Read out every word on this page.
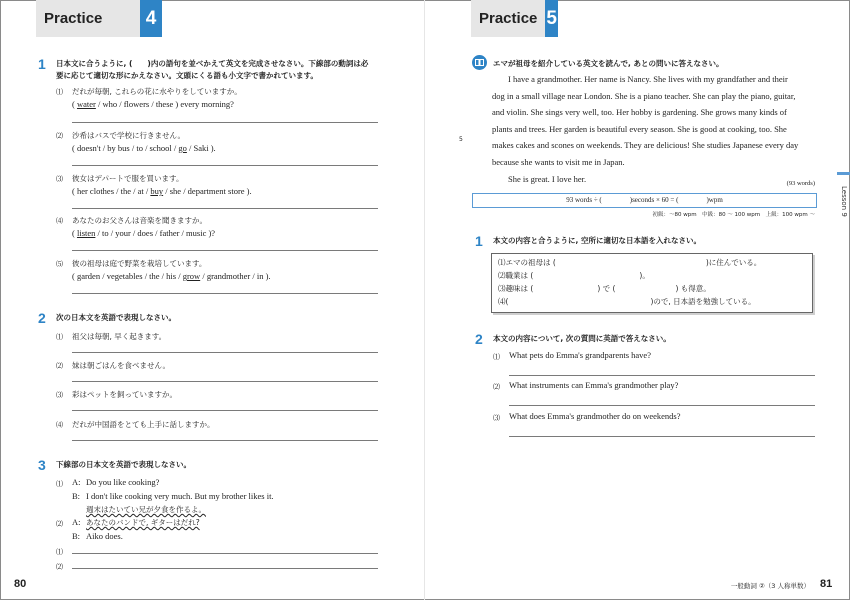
Practice	4
1 日本文に合うように, (　　)内の語句を並べかえて英文を完成させなさい。下線部の動詞は必
要に応じて適切な形にかえなさい。文頭にくる語も小文字で書かれています。
⑴ だれが毎朝, これらの花に水やりをしていますか。
( water / who / flowers / these ) every morning?
⑵ 沙希はバスで学校に行きません。
( doesn't / by bus / to / school / go / Saki ).
⑶ 彼女はデパートで服を買います。
( her clothes / the / at / buy / she / department store ).
⑷ あなたのお父さんは音楽を聞きますか。
( listen / to / your / does / father / music )?
⑸ 彼の祖母は庭で野菜を栽培しています。
( garden / vegetables / the / his / grow / grandmother / in ).
2 次の日本文を英語で表現しなさい。
⑴ 祖父は毎朝, 早く起きます。
⑵ 妹は朝ごはんを食べません。
⑶ 彩はペットを飼っていますか。
⑷ だれが中国語をとても上手に話しますか。
3 下線部の日本文を英語で表現しなさい。
⑴ A: Do you like cooking?
B: I don't like cooking very much. But my brother likes it.
週末はたいてい兄が夕食を作るよ。
⑵ A: あなたのバンドで, ギターはだれ?
B: Aiko does.
⑴
⑵
80
Practice 5
エマが祖母を紹介している英文を読んで, あとの問いに答えなさい。
I have a grandmother. Her name is Nancy. She lives with my grandfather and their
dog in a small village near London. She is a piano teacher. She can play the piano, guitar,
and violin. She sings very well, too. Her hobby is gardening. She grows many kinds of
plants and trees. Her garden is beautiful every season. She is good at cooking, too. She
makes cakes and scones on weekends. They are delicious! She studies Japanese every day
because she wants to visit me in Japan.
She is great. I love her.
5
(93 words)
93 words ÷ (　　　　)seconds × 60 = (　　　　)wpm
初級：～80 wpm　中級：80 ～ 100 wpm　上級：100 wpm ～
1 本文の内容と合うように, 空所に適切な日本語を入れなさい。
⑴エマの祖母は (	)に住んでいる。
⑵職業は (	)。
⑶趣味は (	) で (	) も得意。
⑷(	)ので, 日本語を勉強している。
2 本文の内容について, 次の質問に英語で答えなさい。
⑴ What pets do Emma's grandparents have?
⑵ What instruments can Emma's grandmother play?
⑶ What does Emma's grandmother do on weekends?
Lesson 9
一般動詞 ②（3 人称単数） 81
